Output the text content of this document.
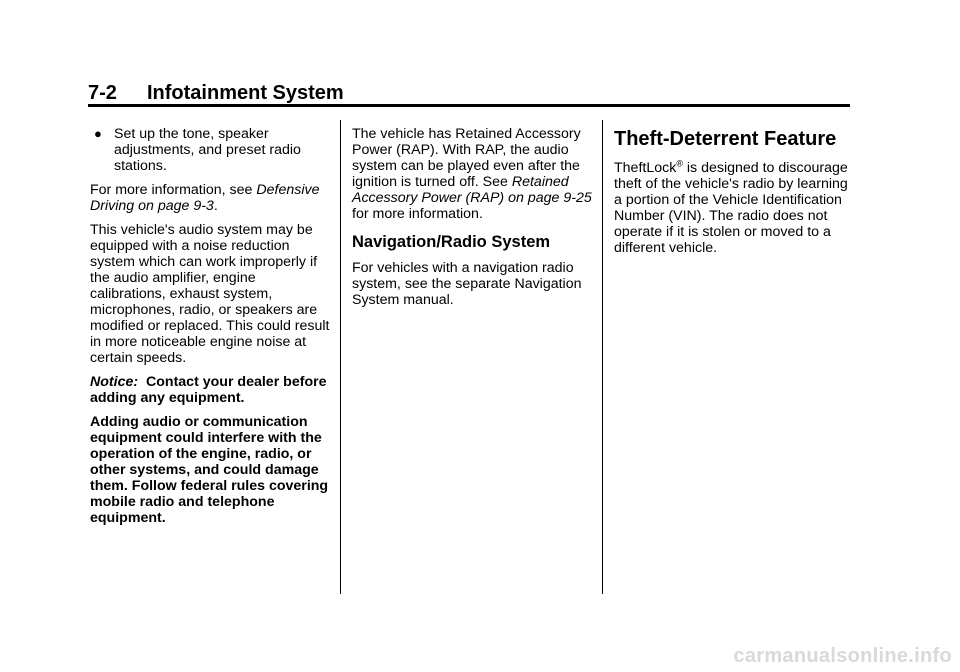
7-2 Infotainment System
● Set up the tone, speaker adjustments, and preset radio stations.

For more information, see Defensive Driving on page 9-3.

This vehicle's audio system may be equipped with a noise reduction system which can work improperly if the audio amplifier, engine calibrations, exhaust system, microphones, radio, or speakers are modified or replaced. This could result in more noticeable engine noise at certain speeds.

Notice: Contact your dealer before adding any equipment.

Adding audio or communication equipment could interfere with the operation of the engine, radio, or other systems, and could damage them. Follow federal rules covering mobile radio and telephone equipment.

The vehicle has Retained Accessory Power (RAP). With RAP, the audio system can be played even after the ignition is turned off. See Retained Accessory Power (RAP) on page 9-25 for more information.

Navigation/Radio System

For vehicles with a navigation radio system, see the separate Navigation System manual.

Theft-Deterrent Feature

TheftLock® is designed to discourage theft of the vehicle's radio by learning a portion of the Vehicle Identification Number (VIN). The radio does not operate if it is stolen or moved to a different vehicle.

carmanualsonline.info
